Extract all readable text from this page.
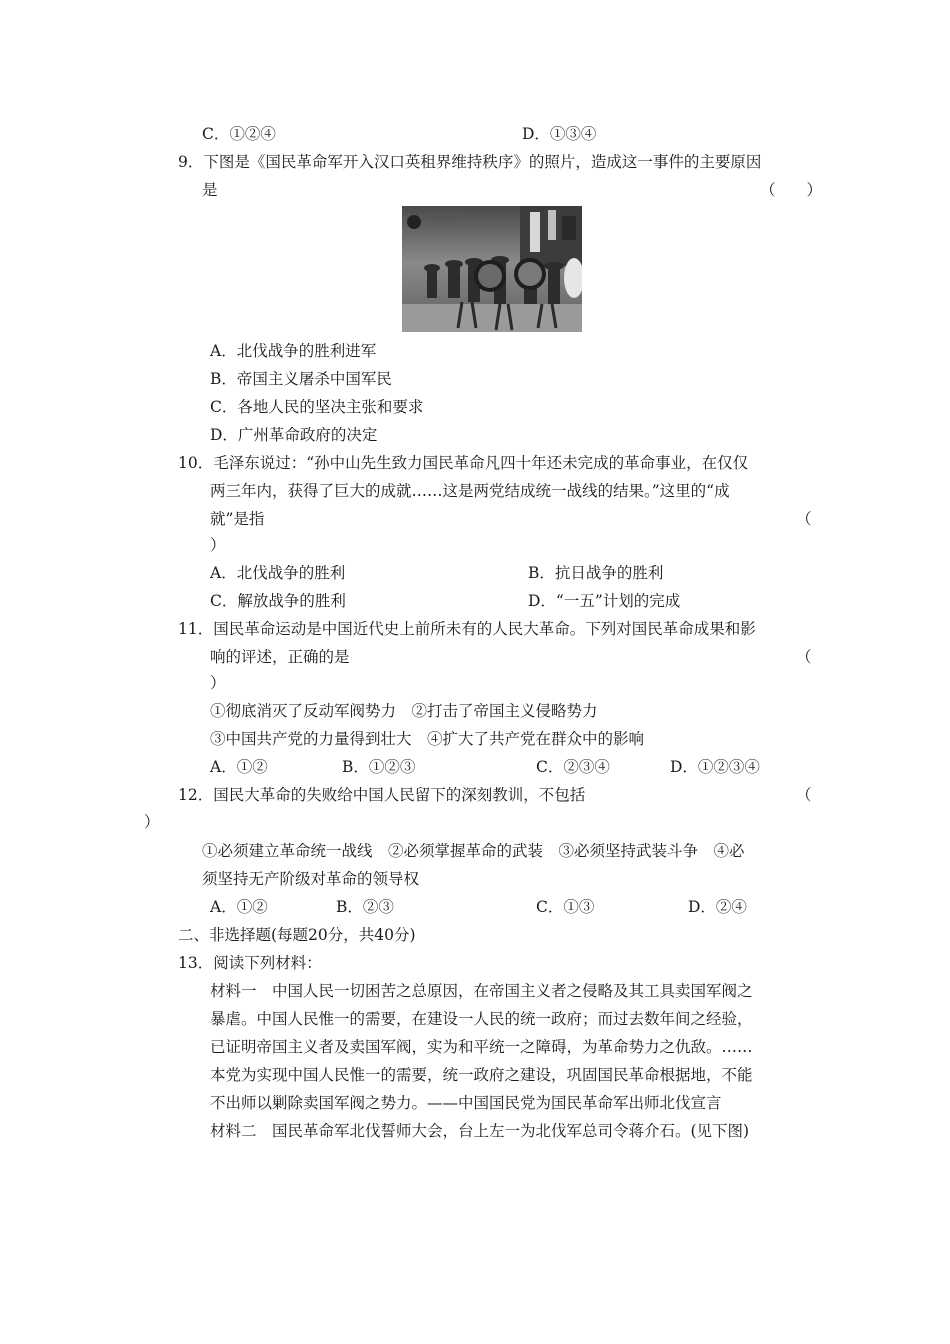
C．①②④	D．①③④
9．下图是《国民革命军开入汉口英租界维持秩序》的照片，造成这一事件的主要原因
是	（　　）
A．北伐战争的胜利进军
B．帝国主义屠杀中国军民
C．各地人民的坚决主张和要求
D．广州革命政府的决定
10．毛泽东说过：“孙中山先生致力国民革命凡四十年还未完成的革命事业，在仅仅
两三年内，获得了巨大的成就……这是两党结成统一战线的结果。”这里的“成
就”是指	（
）
A．北伐战争的胜利	B．抗日战争的胜利
C．解放战争的胜利	D．“一五”计划的完成
11．国民革命运动是中国近代史上前所未有的人民大革命。下列对国民革命成果和影
响的评述，正确的是	（
）
①彻底消灭了反动军阀势力　②打击了帝国主义侵略势力
③中国共产党的力量得到壮大　④扩大了共产党在群众中的影响
A．①②	B．①②③	C．②③④	D．①②③④
12．国民大革命的失败给中国人民留下的深刻教训，不包括	（
）
①必须建立革命统一战线　②必须掌握革命的武装　③必须坚持武装斗争　④必
须坚持无产阶级对革命的领导权
A．①②	B．②③	C．①③	D．②④
二、非选择题(每题20分，共40分)
13．阅读下列材料：
材料一　中国人民一切困苦之总原因，在帝国主义者之侵略及其工具卖国军阀之
暴虐。中国人民惟一的需要，在建设一人民的统一政府；而过去数年间之经验，
已证明帝国主义者及卖国军阀，实为和平统一之障碍，为革命势力之仇敌。……
本党为实现中国人民惟一的需要，统一政府之建设，巩固国民革命根据地，不能
不出师以剿除卖国军阀之势力。——中国国民党为国民革命军出师北伐宣言
材料二　国民革命军北伐誓师大会，台上左一为北伐军总司令蒋介石。(见下图)
